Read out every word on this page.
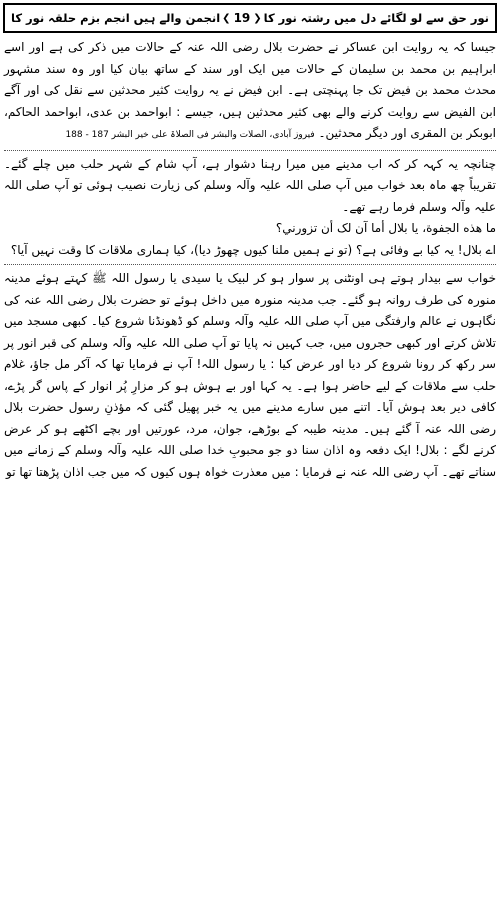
انجمن والے ہیں انجم بزم حلقہ نور کا ❮ 19 ❯ نور حق سے لو لگائے دل میں رشتہ نور کا

جیسا کہ یہ روایت ابن عساکر نے حضرت بلال رضی اللہ عنہ کے حالات میں ذکر کی ہے اور اسے ابراہیم بن محمد بن سلیمان کے حالات میں ایک اور سند کے ساتھ بیان کیا اور وہ سند مشہور محدث محمد بن فیض تک جا پہنچتی ہے۔ ابن فیض نے یہ روایت کثیر محدثین سے نقل کی اور آگے ابن الفیض سے روایت کرنے والے بھی کثیر محدثین ہیں، جیسے : ابواحمد بن عدی، ابواحمد الحاکم، ابوبکر بن المقری اور دیگر محدثین۔ فیروز آبادی، الصلات والبشر فی الصلاۃ علی خیر البشر 187 - 188

چنانچہ یہ کہہ کر کہ اب مدینے میں میرا رہنا دشوار ہے، آپ شام کے شہر حلب میں چلے گئے۔ تقریباً چھ ماہ بعد خواب میں آپ صلی اللہ علیہ وآلہ وسلم کی زیارت نصیب ہوئی تو آپ صلی اللہ علیہ وآلہ وسلم فرما رہے تھے۔

ما هذه الجفوة، يا بلال أما آن لک أن تزورني؟

اے بلال! یہ کیا بے وفائی ہے؟ (تو نے ہمیں ملنا کیوں چھوڑ دیا)، کیا ہماری ملاقات کا وقت نہیں آیا؟

خواب سے بیدار ہوتے ہی اونٹنی پر سوار ہو کر لبیک یا سیدی یا رسول اللہ ﷺ کہتے ہوئے مدینہ منورہ کی طرف روانہ ہو گئے۔ جب مدینہ منورہ میں داخل ہوئے تو حضرت بلال رضی اللہ عنہ کی نگاہوں نے عالم وارفتگی میں آپ صلی اللہ علیہ وآلہ وسلم کو ڈھونڈنا شروع کیا۔ کبھی مسجد میں تلاش کرتے اور کبھی حجروں میں، جب کہیں نہ پایا تو آپ صلی اللہ علیہ وآلہ وسلم کی قبر انور پر سر رکھ کر رونا شروع کر دیا اور عرض کیا : یا رسول اللہ! آپ نے فرمایا تھا کہ آکر مل جاؤ، غلام حلب سے ملاقات کے لیے حاضر ہوا ہے۔ یہ کہا اور بے ہوش ہو کر مزارِ پُر انوار کے پاس گر پڑے، کافی دیر بعد ہوش آیا۔ اتنے میں سارے مدینے میں یہ خبر پھیل گئی کہ مؤذنِ رسول حضرت بلال رضی اللہ عنہ آ گئے ہیں۔ مدینہ طیبہ کے بوڑھے، جوان، مرد، عورتیں اور بچے اکٹھے ہو کر عرض کرنے لگے : بلال! ایک دفعہ وہ اذان سنا دو جو محبوبِ خدا صلی اللہ علیہ وآلہ وسلم کے زمانے میں سناتے تھے۔ آپ رضی اللہ عنہ نے فرمایا : میں معذرت خواہ ہوں کیوں کہ میں جب اذان پڑھتا تھا تو
